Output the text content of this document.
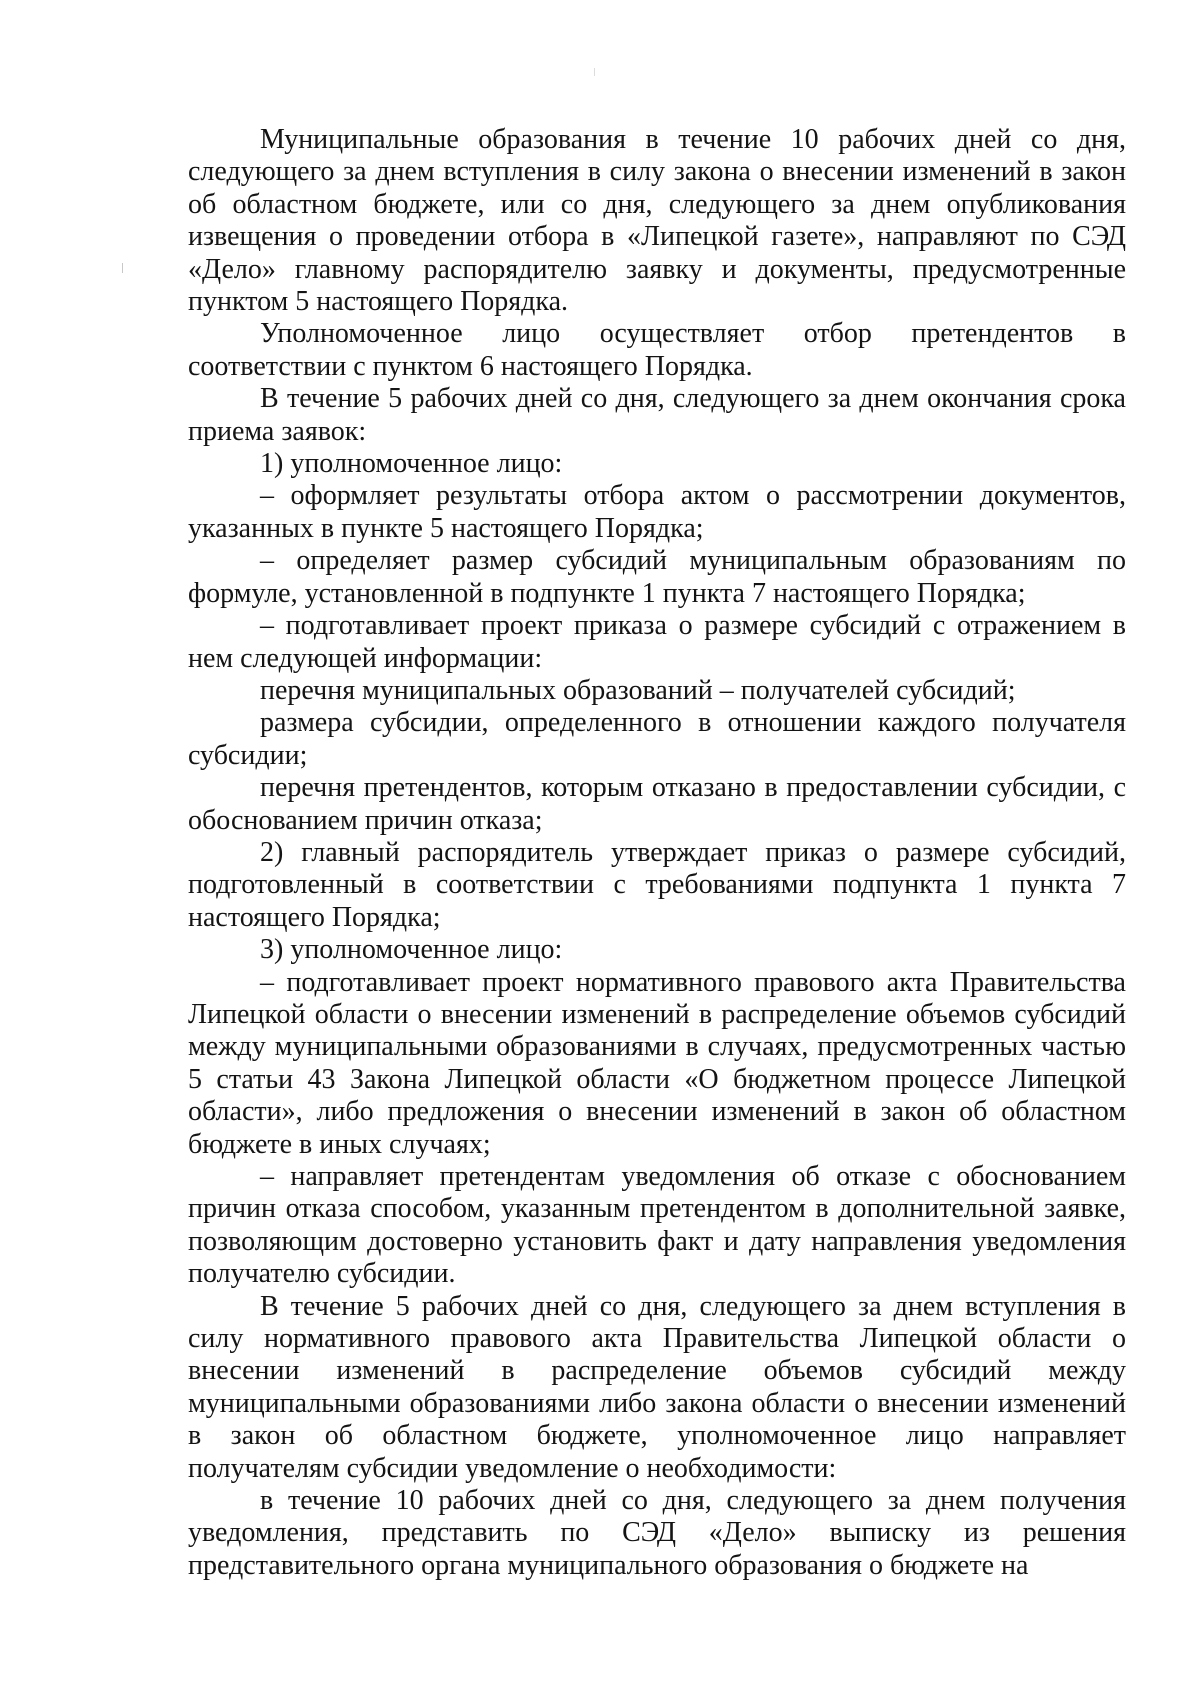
Муниципальные образования в течение 10 рабочих дней со дня, следующего за днем вступления в силу закона о внесении изменений в закон об областном бюджете, или со дня, следующего за днем опубликования извещения о проведении отбора в «Липецкой газете», направляют по СЭД «Дело» главному распорядителю заявку и документы, предусмотренные пунктом 5 настоящего Порядка.

Уполномоченное лицо осуществляет отбор претендентов в соответствии с пунктом 6 настоящего Порядка.

В течение 5 рабочих дней со дня, следующего за днем окончания срока приема заявок:

1) уполномоченное лицо:

– оформляет результаты отбора актом о рассмотрении документов, указанных в пункте 5 настоящего Порядка;

– определяет размер субсидий муниципальным образованиям по формуле, установленной в подпункте 1 пункта 7 настоящего Порядка;

– подготавливает проект приказа о размере субсидий с отражением в нем следующей информации:

перечня муниципальных образований – получателей субсидий;

размера субсидии, определенного в отношении каждого получателя субсидии;

перечня претендентов, которым отказано в предоставлении субсидии, с обоснованием причин отказа;

2) главный распорядитель утверждает приказ о размере субсидий, подготовленный в соответствии с требованиями подпункта 1 пункта 7 настоящего Порядка;

3) уполномоченное лицо:

– подготавливает проект нормативного правового акта Правительства Липецкой области о внесении изменений в распределение объемов субсидий между муниципальными образованиями в случаях, предусмотренных частью 5 статьи 43 Закона Липецкой области «О бюджетном процессе Липецкой области», либо предложения о внесении изменений в закон об областном бюджете в иных случаях;

– направляет претендентам уведомления об отказе с обоснованием причин отказа способом, указанным претендентом в дополнительной заявке, позволяющим достоверно установить факт и дату направления уведомления получателю субсидии.

В течение 5 рабочих дней со дня, следующего за днем вступления в силу нормативного правового акта Правительства Липецкой области о внесении изменений в распределение объемов субсидий между муниципальными образованиями либо закона области о внесении изменений в закон об областном бюджете, уполномоченное лицо направляет получателям субсидии уведомление о необходимости:

в течение 10 рабочих дней со дня, следующего за днем получения уведомления, представить по СЭД «Дело» выписку из решения представительного органа муниципального образования о бюджете на
